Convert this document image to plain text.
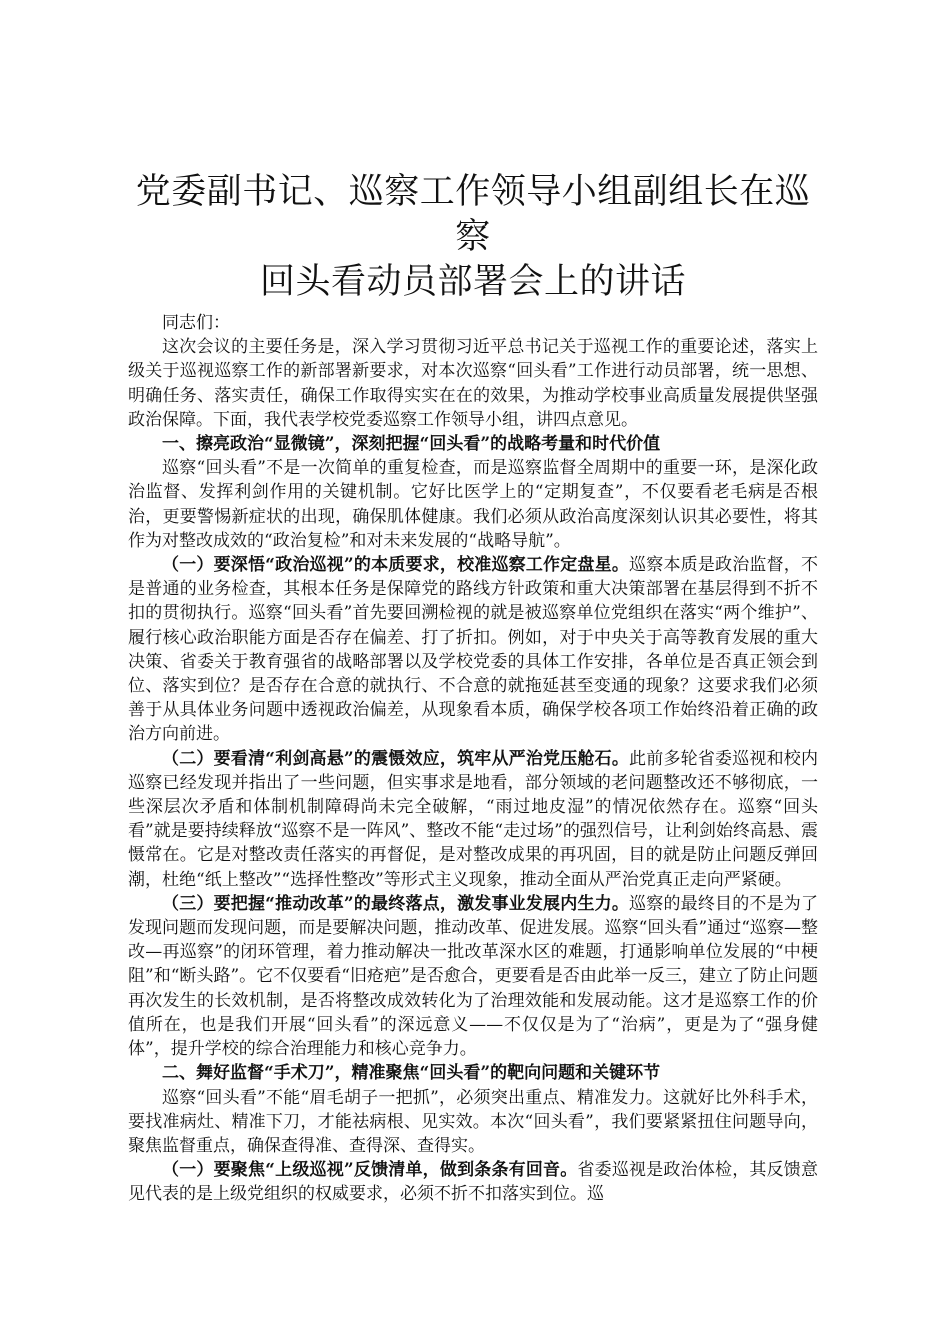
党委副书记、巡察工作领导小组副组长在巡察
回头看动员部署会上的讲话

同志们：

这次会议的主要任务是，深入学习贯彻习近平总书记关于巡视工作的重要论述，落实上级关于巡视巡察工作的新部署新要求，对本次巡察“回头看”工作进行动员部署，统一思想、明确任务、落实责任，确保工作取得实实在在的效果，为推动学校事业高质量发展提供坚强政治保障。下面，我代表学校党委巡察工作领导小组，讲四点意见。

一、擦亮政治“显微镜”，深刻把握“回头看”的战略考量和时代价值

巡察“回头看”不是一次简单的重复检查，而是巡察监督全周期中的重要一环，是深化政治监督、发挥利剑作用的关键机制。它好比医学上的“定期复查”，不仅要看老毛病是否根治，更要警惕新症状的出现，确保肌体健康。我们必须从政治高度深刻认识其必要性，将其作为对整改成效的“政治复检”和对未来发展的“战略导航”。

（一）要深悟“政治巡视”的本质要求，校准巡察工作定盘星。巡察本质是政治监督，不是普通的业务检查，其根本任务是保障党的路线方针政策和重大决策部署在基层得到不折不扣的贯彻执行。巡察“回头看”首先要回溯检视的就是被巡察单位党组织在落实“两个维护”、履行核心政治职能方面是否存在偏差、打了折扣。例如，对于中央关于高等教育发展的重大决策、省委关于教育强省的战略部署以及学校党委的具体工作安排，各单位是否真正领会到位、落实到位？是否存在合意的就执行、不合意的就拖延甚至变通的现象？这要求我们必须善于从具体业务问题中透视政治偏差，从现象看本质，确保学校各项工作始终沿着正确的政治方向前进。

（二）要看清“利剑高悬”的震慑效应，筑牢从严治党压舱石。此前多轮省委巡视和校内巡察已经发现并指出了一些问题，但实事求是地看，部分领域的老问题整改还不够彻底，一些深层次矛盾和体制机制障碍尚未完全破解，“雨过地皮湿”的情况依然存在。巡察“回头看”就是要持续释放“巡察不是一阵风”、整改不能“走过场”的强烈信号，让利剑始终高悬、震慑常在。它是对整改责任落实的再督促，是对整改成果的再巩固，目的就是防止问题反弹回潮，杜绝“纸上整改”“选择性整改”等形式主义现象，推动全面从严治党真正走向严紧硬。

（三）要把握“推动改革”的最终落点，激发事业发展内生力。巡察的最终目的不是为了发现问题而发现问题，而是要解决问题，推动改革、促进发展。巡察“回头看”通过“巡察—整改—再巡察”的闭环管理，着力推动解决一批改革深水区的难题，打通影响单位发展的“中梗阻”和“断头路”。它不仅要看“旧疮疤”是否愈合，更要看是否由此举一反三，建立了防止问题再次发生的长效机制，是否将整改成效转化为了治理效能和发展动能。这才是巡察工作的价值所在，也是我们开展“回头看”的深远意义——不仅仅是为了“治病”，更是为了“强身健体”，提升学校的综合治理能力和核心竞争力。

二、舞好监督“手术刀”，精准聚焦“回头看”的靶向问题和关键环节

巡察“回头看”不能“眉毛胡子一把抓”，必须突出重点、精准发力。这就好比外科手术，要找准病灶、精准下刀，才能祛病根、见实效。本次“回头看”，我们要紧紧扭住问题导向，聚焦监督重点，确保查得准、查得深、查得实。

（一）要聚焦“上级巡视”反馈清单，做到条条有回音。省委巡视是政治体检，其反馈意见代表的是上级党组织的权威要求，必须不折不扣落实到位。巡
